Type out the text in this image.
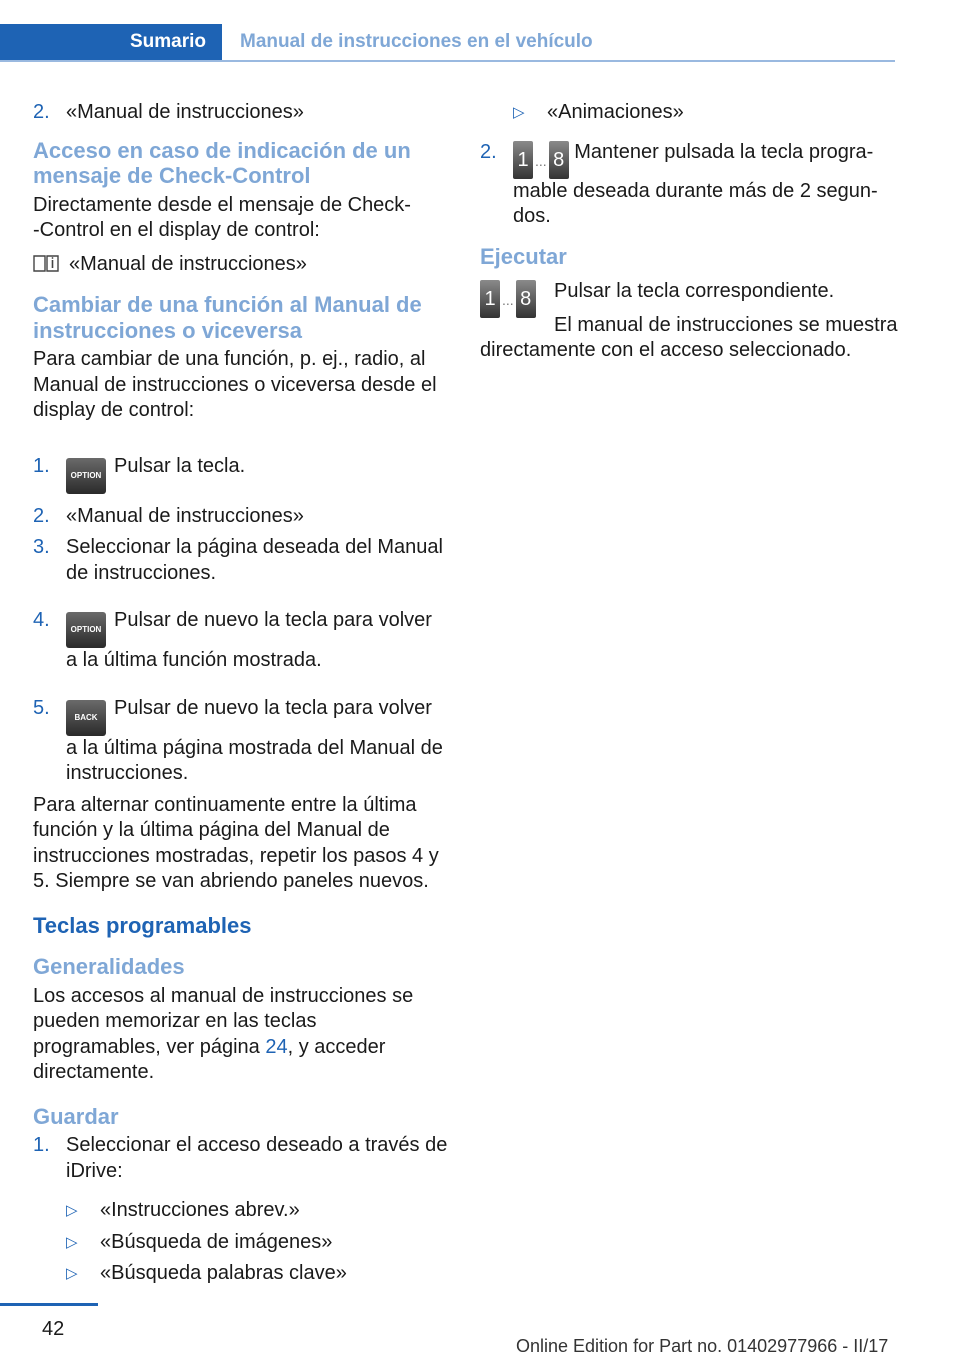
Sumario	Manual de instrucciones en el vehículo
2. «Manual de instrucciones»
Acceso en caso de indicación de un mensaje de Check-Control

Directamente desde el mensaje de Check-‑Control en el display de control:

«Manual de instrucciones»

Cambiar de una función al Manual de instrucciones o viceversa

Para cambiar de una función, p. ej., radio, al Manual de instrucciones o viceversa desde el display de control:

1.	OPTION Pulsar la tecla.
2. «Manual de instrucciones»
3. Seleccionar la página deseada del Manual de instrucciones.
4.	OPTION Pulsar de nuevo la tecla para volver a la última función mostrada.
5.	BACK Pulsar de nuevo la tecla para volver a la última página mostrada del Manual de instrucciones.

Para alternar continuamente entre la última función y la última página del Manual de instrucciones mostradas, repetir los pasos 4 y 5. Siempre se van abriendo paneles nuevos.

Teclas programables
Generalidades

Los accesos al manual de instrucciones se pueden memorizar en las teclas programables, ver página 24, y acceder directamente.

Guardar
1. Seleccionar el acceso deseado a través de iDrive:
▷ «Instrucciones abrev.»
▷ «Búsqueda de imágenes»
▷ «Búsqueda palabras clave»
▷ «Animaciones»
2. 1 $_{...}$ 8 Mantener pulsada la tecla programable deseada durante más de 2 segundos.
Ejecutar
1 $_{...}$ 8 Pulsar la tecla correspondiente.

El manual de instrucciones se muestra directamente con el acceso seleccionado.

42
Online Edition for Part no. 01402977966 - II/17
